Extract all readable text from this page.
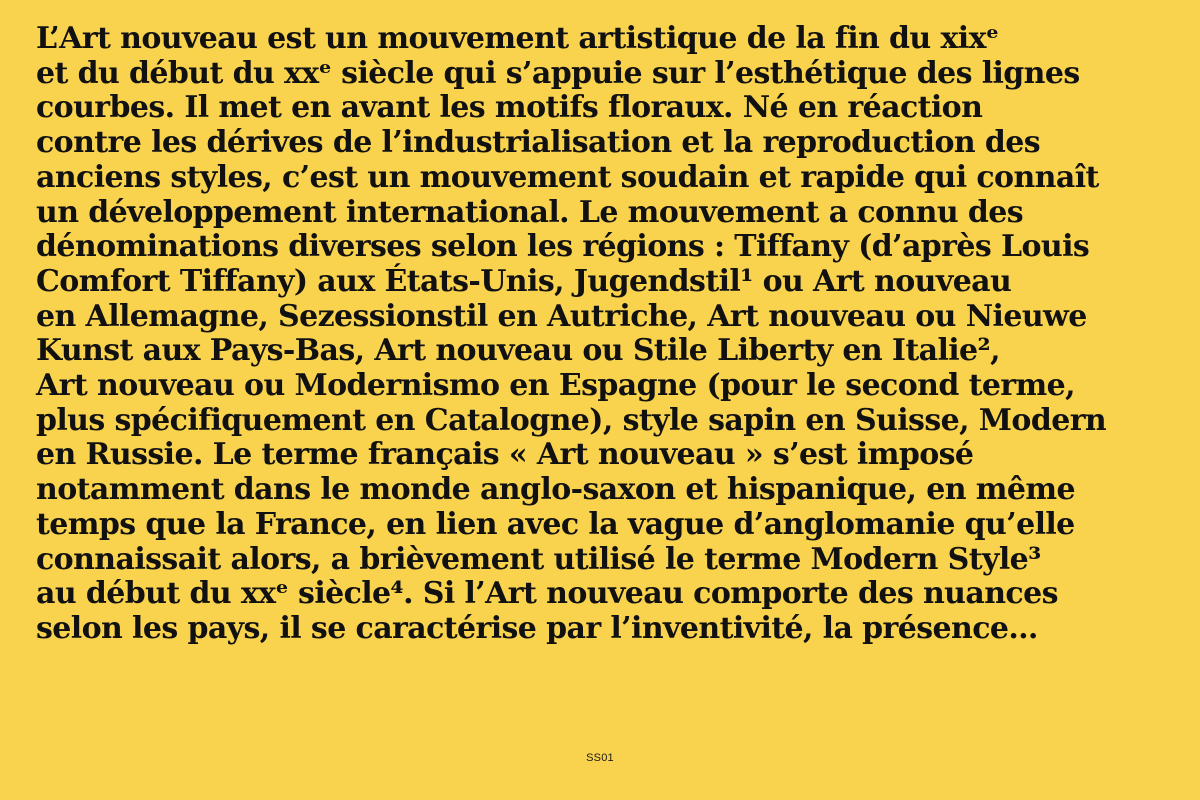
L’Art nouveau est un mouvement artistique de la fin du xixᵉ
et du début du xxᵉ siècle qui s’appuie sur l’esthétique des lignes
courbes. Il met en avant les motifs floraux. Né en réaction
contre les dérives de l’industrialisation et la reproduction des
anciens styles, c’est un mouvement soudain et rapide qui connaît
un développement international. Le mouvement a connu des
dénominations diverses selon les régions : Tiffany (d’après Louis
Comfort Tiffany) aux États-Unis, Jugendstil¹ ou Art nouveau
en Allemagne, Sezessionstil en Autriche, Art nouveau ou Nieuwe
Kunst aux Pays-Bas, Art nouveau ou Stile Liberty en Italie²,
Art nouveau ou Modernismo en Espagne (pour le second terme,
plus spécifiquement en Catalogne), style sapin en Suisse, Modern
en Russie. Le terme français « Art nouveau » s’est imposé
notamment dans le monde anglo-saxon et hispanique, en même
temps que la France, en lien avec la vague d’anglomanie qu’elle
connaissait alors, a brièvement utilisé le terme Modern Style³
au début du xxᵉ siècle⁴. Si l’Art nouveau comporte des nuances
selon les pays, il se caractérise par l’inventivité, la présence…
SS01
